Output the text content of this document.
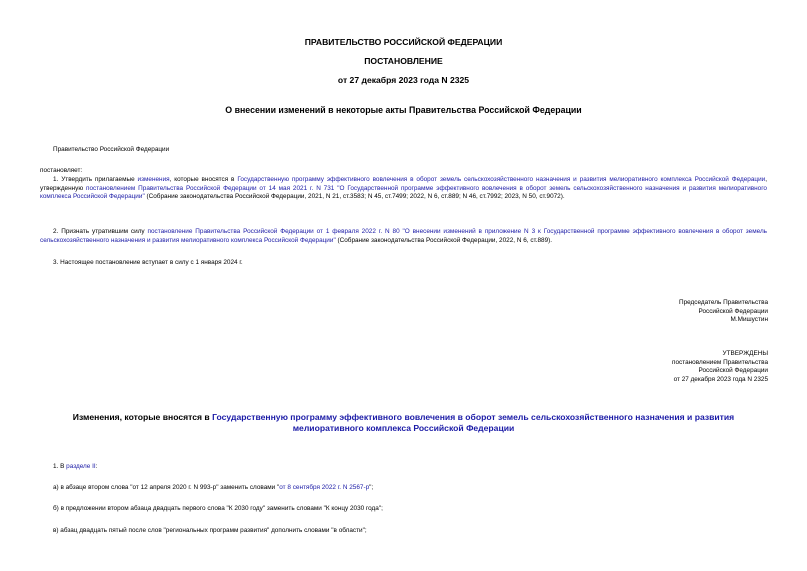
ПРАВИТЕЛЬСТВО РОССИЙСКОЙ ФЕДЕРАЦИИ
ПОСТАНОВЛЕНИЕ
от 27 декабря 2023 года N 2325
О внесении изменений в некоторые акты Правительства Российской Федерации
Правительство Российской Федерации
постановляет:
1. Утвердить прилагаемые изменения, которые вносятся в Государственную программу эффективного вовлечения в оборот земель сельскохозяйственного назначения и развития мелиоративного комплекса Российской Федерации, утвержденную постановлением Правительства Российской Федерации от 14 мая 2021 г. N 731 "О Государственной программе эффективного вовлечения в оборот земель сельскохозяйственного назначения и развития мелиоративного комплекса Российской Федерации" (Собрание законодательства Российской Федерации, 2021, N 21, ст.3583; N 45, ст.7499; 2022, N 6, ст.889; N 46, ст.7992; 2023, N 50, ст.9072).
2. Признать утратившим силу постановление Правительства Российской Федерации от 1 февраля 2022 г. N 80 "О внесении изменений в приложение N 3 к Государственной программе эффективного вовлечения в оборот земель сельскохозяйственного назначения и развития мелиоративного комплекса Российской Федерации" (Собрание законодательства Российской Федерации, 2022, N 6, ст.889).
3. Настоящее постановление вступает в силу с 1 января 2024 г.
Председатель Правительства
Российской Федерации
М.Мишустин
УТВЕРЖДЕНЫ
постановлением Правительства
Российской Федерации
от 27 декабря 2023 года N 2325
Изменения, которые вносятся в Государственную программу эффективного вовлечения в оборот земель сельскохозяйственного назначения и развития мелиоративного комплекса Российской Федерации
1. В разделе II:
а) в абзаце втором слова "от 12 апреля 2020 г. N 993-р" заменить словами "от 8 сентября 2022 г. N 2567-р";
б) в предложении втором абзаца двадцать первого слова "К 2030 году" заменить словами "К концу 2030 года";
в) абзац двадцать пятый после слов "региональных программ развития" дополнить словами "в области";
